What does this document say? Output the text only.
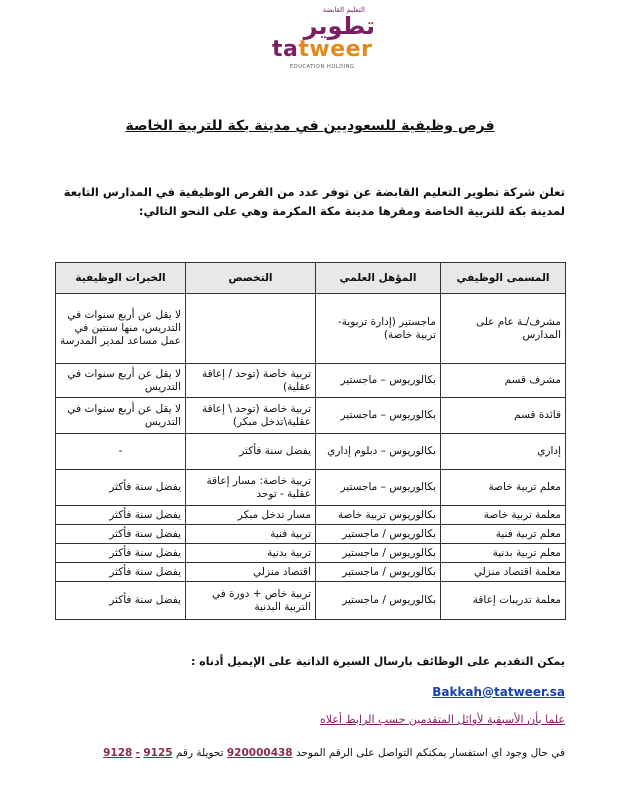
التعليم القابضة
تطوير
tatweer
EDUCATION HOLDING
فرص وظيفية للسعوديين في مدينة بكة للتربية الخاصة
تعلن شركة تطوير التعليم القابضة عن توفر عدد من الفرص الوظيفية في المدارس التابعة لمدينة بكة للتربية الخاصة ومقرها مدينة مكة المكرمة وهي على النحو التالي:
المسمى الوظيفي	المؤهل العلمي	التخصص	الخبرات الوظيفية
مشرف/ـة عام على المدارس	ماجستير (إدارة تربوية- تربية خاصة)		لا يقل عن أربع سنوات في التدريس، منها سنتين في عمل مساعد لمدير المدرسة
مشرف قسم	بكالوريوس – ماجستير	تربية خاصة (توحد / إعاقة عقلية)	لا يقل عن أربع سنوات في التدريس
قائدة قسم	بكالوريوس – ماجستير	تربية خاصة (توحد \ إعاقة عقلية\تدخل مبكر)	لا يقل عن أربع سنوات في التدريس
إداري	بكالوريوس – دبلوم إداري	يفضل سنة فأكثر	-
معلم تربية خاصة	بكالوريوس – ماجستير	تربية خاصة: مسار إعاقة عقلية - توحد	يفضل سنة فأكثر
معلمة تربية خاصة	بكالوريوس تربية خاصة	مسار تدخل مبكر	يفضل سنة فأكثر
معلم تربية فنية	بكالوريوس / ماجستير	تربية فنية	يفضل سنة فأكثر
معلم تربية بدنية	بكالوريوس / ماجستير	تربية بدنية	يفضل سنة فأكثر
معلمة اقتصاد منزلي	بكالوريوس / ماجستير	اقتصاد منزلي	يفضل سنة فأكثر
معلمة تدريبات إعاقة	بكالوريوس / ماجستير	تربية خاص + دورة في التربية البدنية	يفضل سنة فأكثر
يمكن التقديم على الوظائف بارسال السيرة الذاتية على الإيميل أدناه :
Bakkah@tatweer.sa
علما بأن الأسبقية لأوائل المتقدمين حسب الرابط أعلاه
في حال وجود اي استفسار يمكنكم التواصل على الرقم الموحد 920000438 تحويلة رقم 9125 - 9128
